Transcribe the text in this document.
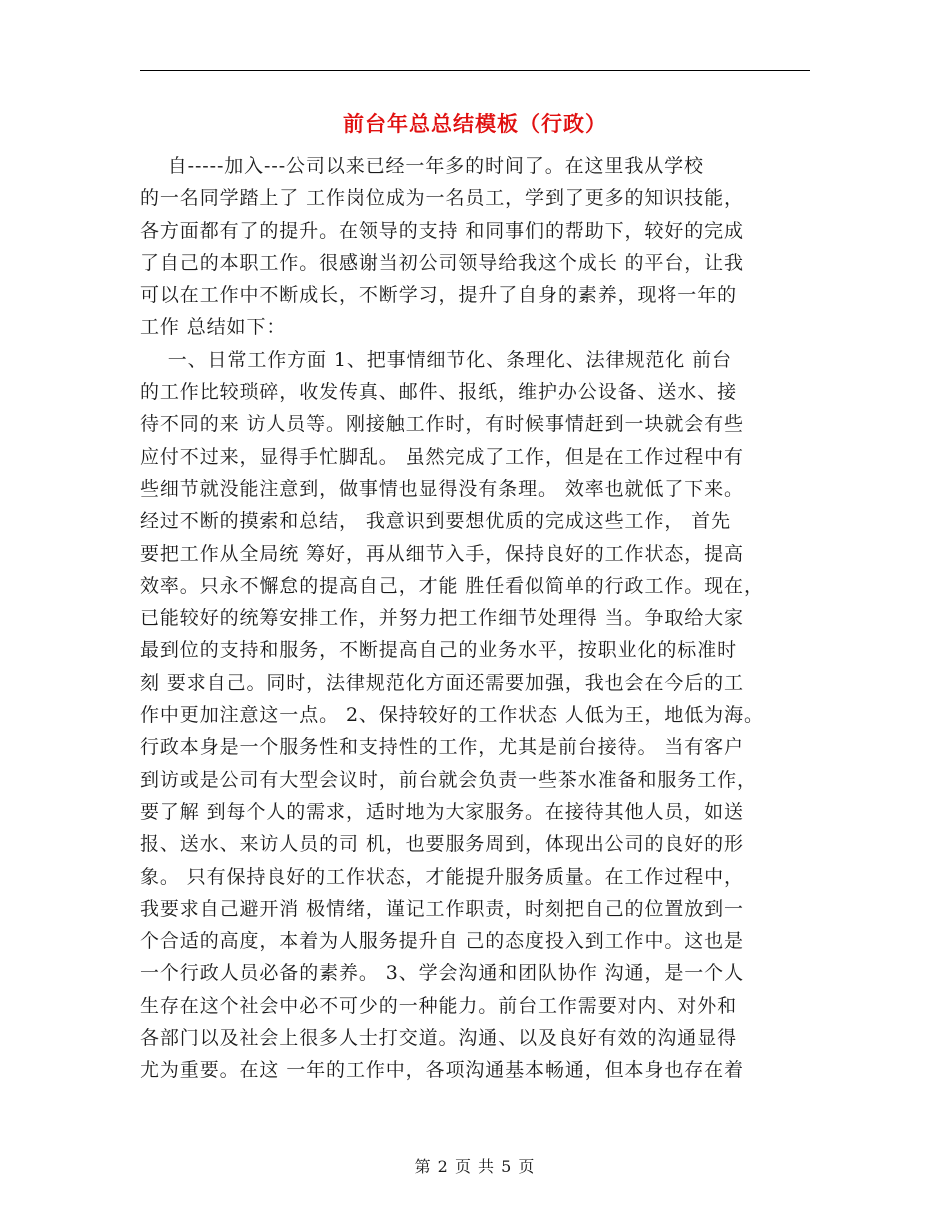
前台年总总结模板（行政）
自-----加入---公司以来已经一年多的时间了。在这里我从学校
的一名同学踏上了 工作岗位成为一名员工，学到了更多的知识技能，
各方面都有了的提升。在领导的支持 和同事们的帮助下，较好的完成
了自己的本职工作。很感谢当初公司领导给我这个成长 的平台，让我
可以在工作中不断成长，不断学习，提升了自身的素养，现将一年的
工作 总结如下：
一、日常工作方面 1、把事情细节化、条理化、法律规范化 前台
的工作比较琐碎，收发传真、邮件、报纸，维护办公设备、送水、接
待不同的来 访人员等。刚接触工作时，有时候事情赶到一块就会有些
应付不过来，显得手忙脚乱。 虽然完成了工作，但是在工作过程中有
些细节就没能注意到，做事情也显得没有条理。 效率也就低了下来。
经过不断的摸索和总结， 我意识到要想优质的完成这些工作， 首先
要把工作从全局统 筹好，再从细节入手，保持良好的工作状态，提高
效率。只永不懈怠的提高自己，才能 胜任看似简单的行政工作。现在，
已能较好的统筹安排工作，并努力把工作细节处理得 当。争取给大家
最到位的支持和服务，不断提高自己的业务水平，按职业化的标准时
刻 要求自己。同时，法律规范化方面还需要加强，我也会在今后的工
作中更加注意这一点。 2、保持较好的工作状态 人低为王，地低为海。
行政本身是一个服务性和支持性的工作，尤其是前台接待。 当有客户
到访或是公司有大型会议时，前台就会负责一些茶水准备和服务工作，
要了解 到每个人的需求，适时地为大家服务。在接待其他人员，如送
报、送水、来访人员的司 机，也要服务周到，体现出公司的良好的形
象。 只有保持良好的工作状态，才能提升服务质量。在工作过程中，
我要求自己避开消 极情绪，谨记工作职责，时刻把自己的位置放到一
个合适的高度，本着为人服务提升自 己的态度投入到工作中。这也是
一个行政人员必备的素养。 3、学会沟通和团队协作 沟通，是一个人
生存在这个社会中必不可少的一种能力。前台工作需要对内、对外和
各部门以及社会上很多人士打交道。沟通、以及良好有效的沟通显得
尤为重要。在这 一年的工作中，各项沟通基本畅通，但本身也存在着
第 2 页 共 5 页
